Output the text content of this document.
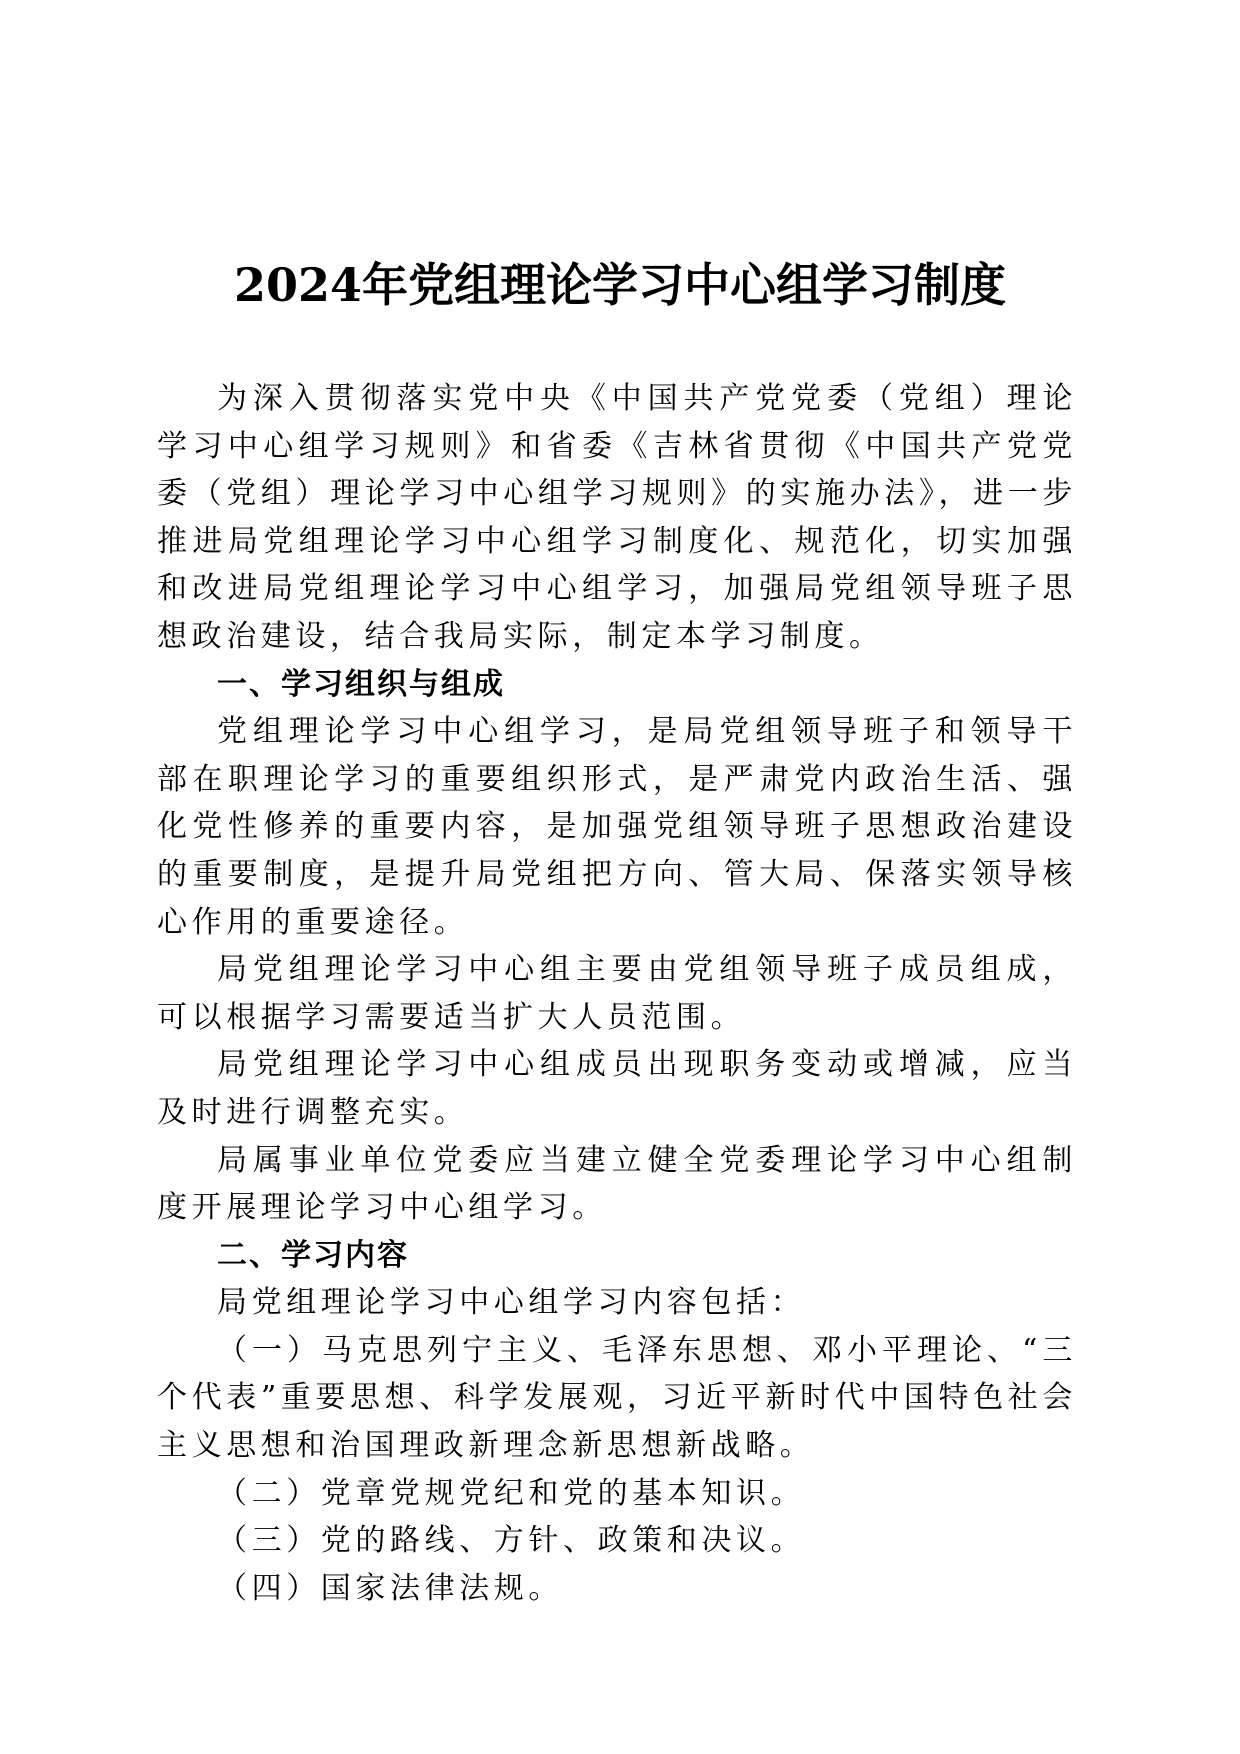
2024年党组理论学习中心组学习制度

为深入贯彻落实党中央《中国共产党党委（党组）理论学习中心组学习规则》和省委《吉林省贯彻《中国共产党党委（党组）理论学习中心组学习规则》的实施办法》，进一步推进局党组理论学习中心组学习制度化、规范化，切实加强和改进局党组理论学习中心组学习，加强局党组领导班子思想政治建设，结合我局实际，制定本学习制度。

一、学习组织与组成

党组理论学习中心组学习，是局党组领导班子和领导干部在职理论学习的重要组织形式，是严肃党内政治生活、强化党性修养的重要内容，是加强党组领导班子思想政治建设的重要制度，是提升局党组把方向、管大局、保落实领导核心作用的重要途径。

局党组理论学习中心组主要由党组领导班子成员组成，可以根据学习需要适当扩大人员范围。

局党组理论学习中心组成员出现职务变动或增减，应当及时进行调整充实。

局属事业单位党委应当建立健全党委理论学习中心组制度开展理论学习中心组学习。

二、学习内容

局党组理论学习中心组学习内容包括：

（一）马克思列宁主义、毛泽东思想、邓小平理论、“三个代表”重要思想、科学发展观，习近平新时代中国特色社会主义思想和治国理政新理念新思想新战略。

（二）党章党规党纪和党的基本知识。

（三）党的路线、方针、政策和决议。

（四）国家法律法规。
